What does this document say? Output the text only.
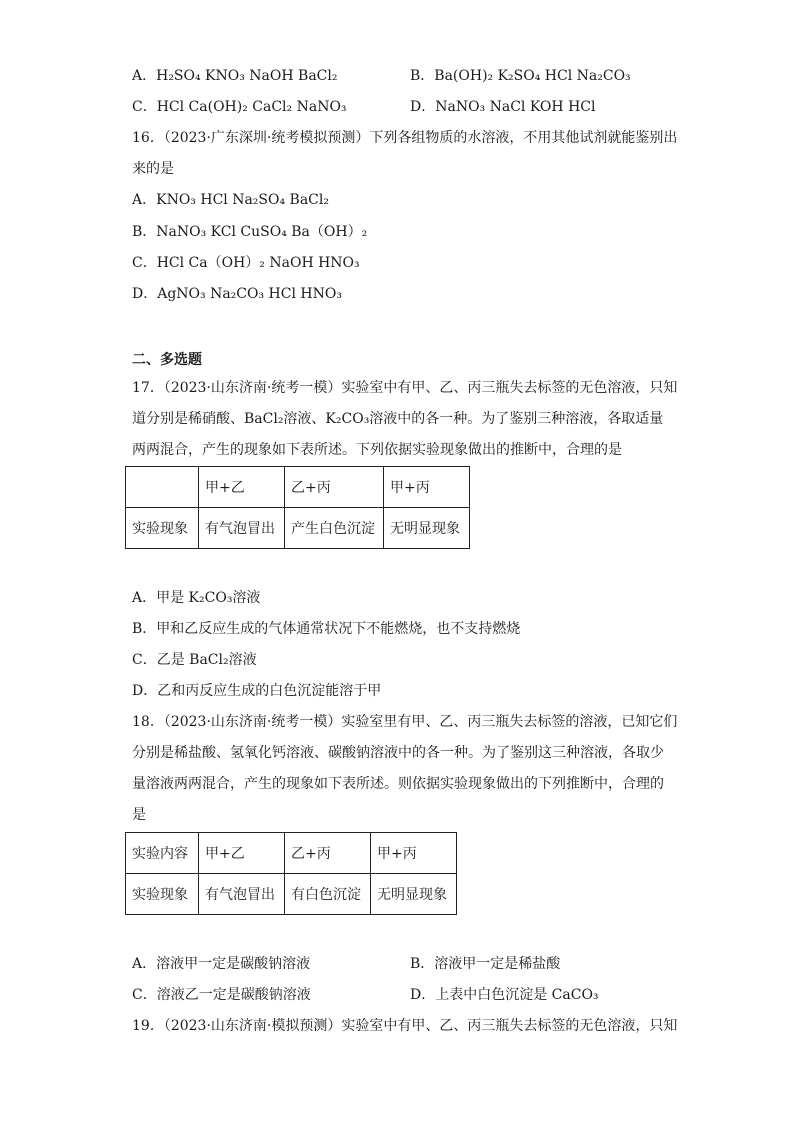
A．H₂SO₄ KNO₃ NaOH BaCl₂	B．Ba(OH)₂ K₂SO₄ HCl Na₂CO₃
C．HCl Ca(OH)₂ CaCl₂ NaNO₃	D．NaNO₃ NaCl KOH HCl
16．（2023·广东深圳·统考模拟预测）下列各组物质的水溶液，不用其他试剂就能鉴别出
来的是
A．KNO₃ HCl Na₂SO₄ BaCl₂
B．NaNO₃ KCl CuSO₄ Ba（OH）₂
C．HCl Ca（OH）₂ NaOH HNO₃
D．AgNO₃ Na₂CO₃ HCl HNO₃
二、多选题
17．（2023·山东济南·统考一模）实验室中有甲、乙、丙三瓶失去标签的无色溶液，只知
道分别是稀硝酸、BaCl₂溶液、K₂CO₃溶液中的各一种。为了鉴别三种溶液，各取适量
两两混合，产生的现象如下表所述。下列依据实验现象做出的推断中，合理的是
	甲+乙	乙+丙	甲+丙
实验现象	有气泡冒出	产生白色沉淀	无明显现象
A．甲是 K₂CO₃溶液
B．甲和乙反应生成的气体通常状况下不能燃烧，也不支持燃烧
C．乙是 BaCl₂溶液
D．乙和丙反应生成的白色沉淀能溶于甲
18．（2023·山东济南·统考一模）实验室里有甲、乙、丙三瓶失去标签的溶液，已知它们
分别是稀盐酸、氢氧化钙溶液、碳酸钠溶液中的各一种。为了鉴别这三种溶液，各取少
量溶液两两混合，产生的现象如下表所述。则依据实验现象做出的下列推断中，合理的
是
实验内容	甲+乙	乙+丙	甲+丙
实验现象	有气泡冒出	有白色沉淀	无明显现象
A．溶液甲一定是碳酸钠溶液	B．溶液甲一定是稀盐酸
C．溶液乙一定是碳酸钠溶液	D．上表中白色沉淀是 CaCO₃
19．（2023·山东济南·模拟预测）实验室中有甲、乙、丙三瓶失去标签的无色溶液，只知
